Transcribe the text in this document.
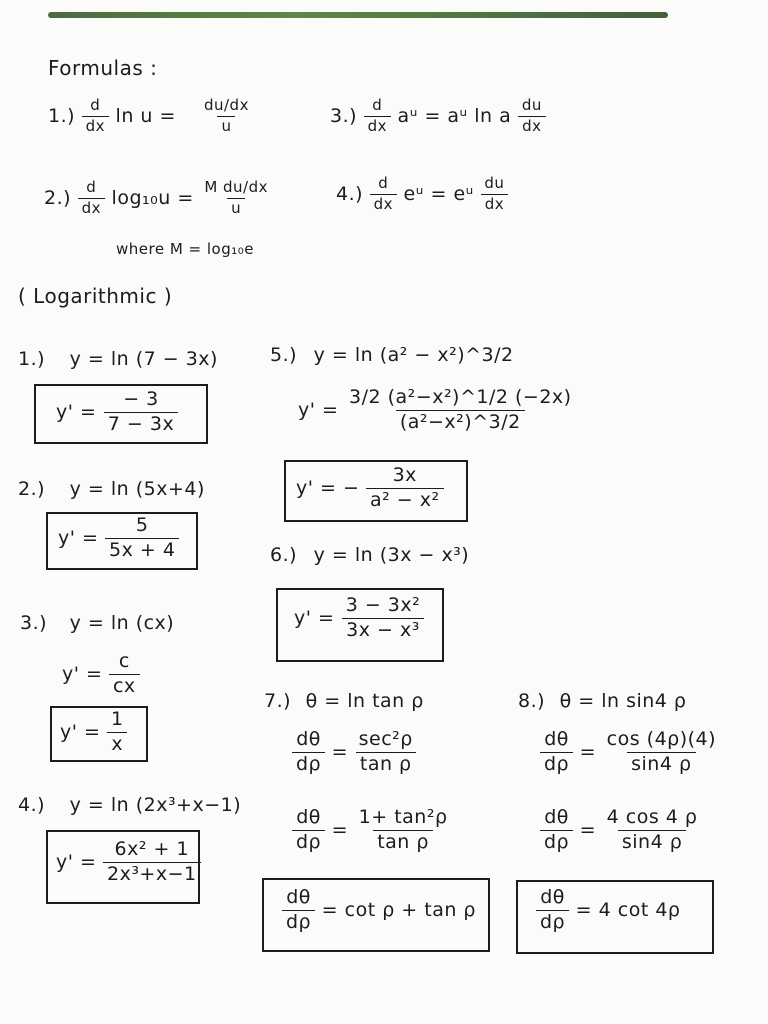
Formulas :
$1.) \frac{d}{dx}$ $\ln u = \frac{du/dx}{u}$	$3.) \frac{d}{dx}$ aᵘ = aᵘ ln a $\frac{du}{dx}$
$2.) \frac{d}{dx} \log_{10}u = \frac{\text{M du/dx}}{u}$	$4.) \frac{d}{dx}$ eᵘ = eᵘ $\frac{du}{dx}$
where M = log₁₀e
( Logarithmic )
1.) y = ln (7 − 3x)
$y' = \frac{- 3}{7 - 3x}$
2.) y = ln (5x+4)
$y' = \frac{5}{5x + 4}$
3.) y = ln (cx)
$y' = \frac{c}{cx}$
$y' = \frac{1}{x}$
4.) y = ln (2x³+x−1)
$y' = \frac{\text{6x² + 1}}{\text{2x³+x−1}}$
5.) y = ln (a² − x²)^3/2
$y' = \frac{\text{3/2 (a²−x²)\textasciicircum{}1/2 (−2x)}}{\text{(a²−x²)\textasciicircum{}3/2}}$
y' = − $\frac{3x}{\text{a² − x²}}$
6.) y = ln (3x − x³)
$y' = \frac{\text{3 − 3x²}}{\text{3x − x³}}$
7.) θ = ln tan ρ
$\frac{d\theta}{d\rho} = \frac{\text{sec²ρ}}{\text{tan ρ}}$
$\frac{d\theta}{d\rho} = \frac{\text{1+ tan²ρ}}{\text{tan ρ}}$
$\frac{d\theta}{d\rho} = \cot \rho + \tan \rho$
8.) θ = ln sin4 ρ
$\frac{d\theta}{d\rho} = \frac{\cos (4\rho)(4)}{\sin 4 \rho}$
$\frac{d\theta}{d\rho} = \frac{4 \cos 4 \rho}{\sin 4 \rho}$
$\frac{d\theta}{d\rho} = 4$ cot 4ρ
